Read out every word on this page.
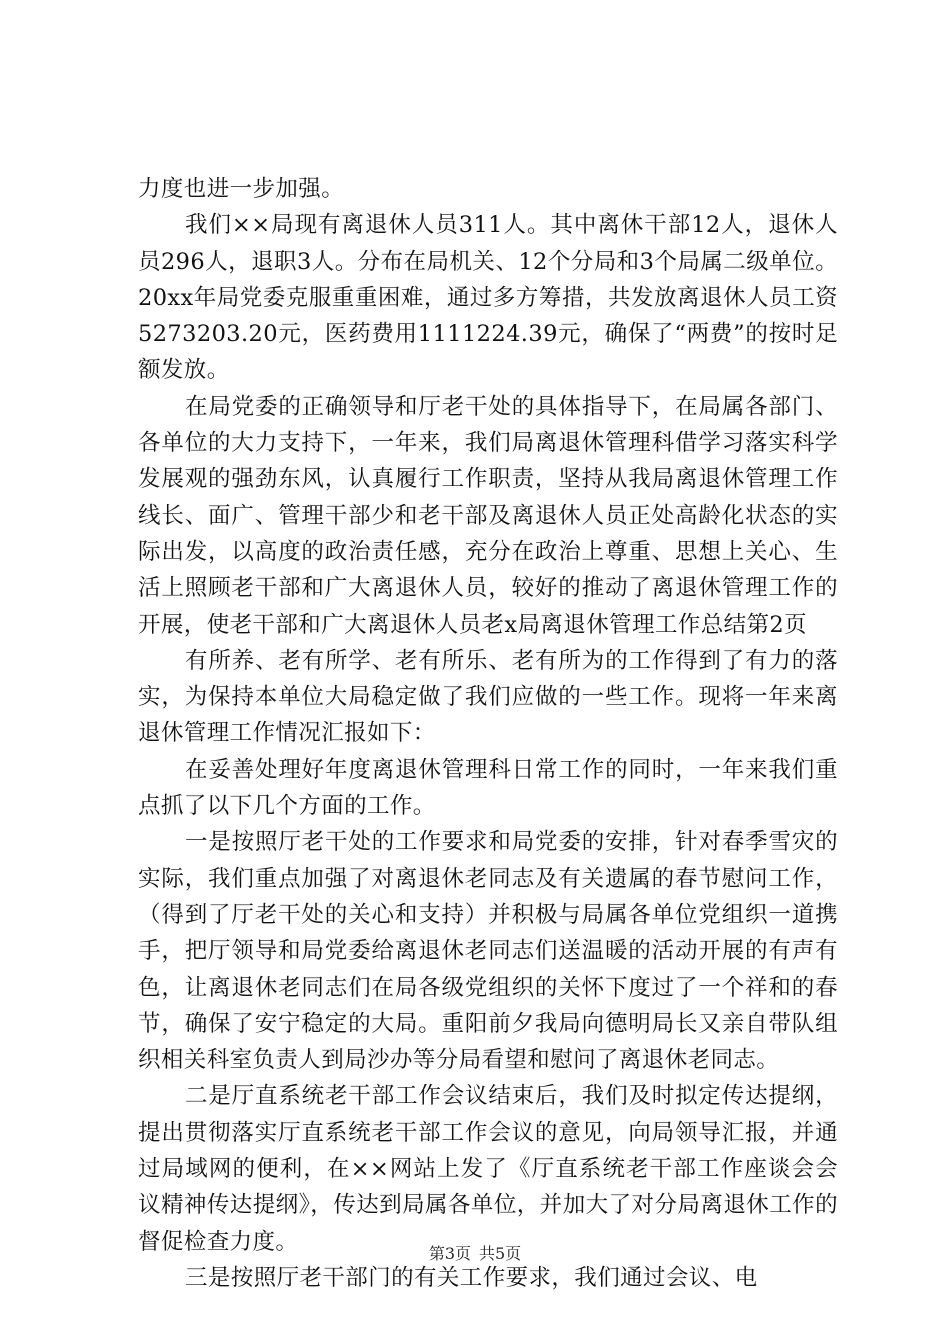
力度也进一步加强。

我们××局现有离退休人员311人。其中离休干部12人，退休人员296人，退职3人。分布在局机关、12个分局和3个局属二级单位。20xx年局党委克服重重困难，通过多方筹措，共发放离退休人员工资5273203.20元，医药费用1111224.39元，确保了“两费”的按时足额发放。

在局党委的正确领导和厅老干处的具体指导下，在局属各部门、各单位的大力支持下，一年来，我们局离退休管理科借学习落实科学发展观的强劲东风，认真履行工作职责，坚持从我局离退休管理工作线长、面广、管理干部少和老干部及离退休人员正处高龄化状态的实际出发，以高度的政治责任感，充分在政治上尊重、思想上关心、生活上照顾老干部和广大离退休人员，较好的推动了离退休管理工作的开展，使老干部和广大离退休人员老x局离退休管理工作总结第2页

有所养、老有所学、老有所乐、老有所为的工作得到了有力的落实，为保持本单位大局稳定做了我们应做的一些工作。现将一年来离退休管理工作情况汇报如下：

在妥善处理好年度离退休管理科日常工作的同时，一年来我们重点抓了以下几个方面的工作。

一是按照厅老干处的工作要求和局党委的安排，针对春季雪灾的实际，我们重点加强了对离退休老同志及有关遗属的春节慰问工作，（得到了厅老干处的关心和支持）并积极与局属各单位党组织一道携手，把厅领导和局党委给离退休老同志们送温暖的活动开展的有声有色，让离退休老同志们在局各级党组织的关怀下度过了一个祥和的春节，确保了安宁稳定的大局。重阳前夕我局向德明局长又亲自带队组织相关科室负责人到局沙办等分局看望和慰问了离退休老同志。

二是厅直系统老干部工作会议结束后，我们及时拟定传达提纲，提出贯彻落实厅直系统老干部工作会议的意见，向局领导汇报，并通过局域网的便利，在××网站上发了《厅直系统老干部工作座谈会会议精神传达提纲》，传达到局属各单位，并加大了对分局离退休工作的督促检查力度。

三是按照厅老干部门的有关工作要求，我们通过会议、电

第3页 共5页
